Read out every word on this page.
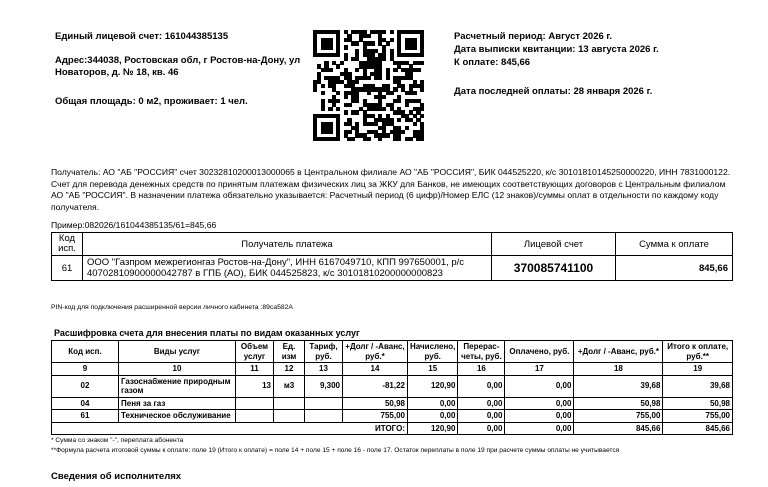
Единый лицевой счет: 161044385135
Адрес:344038, Ростовская обл, г Ростов-на-Дону, ул
Новаторов, д. № 18, кв. 46
Общая площадь: 0 м2, проживает: 1 чел.
Расчетный период: Август 2026 г.
Дата выписки квитанции: 13 августа 2026 г.
К оплате: 845,66
Дата последней оплаты: 28 января 2026 г.
Получатель: АО "АБ "РОССИЯ" счет 30232810200013000065 в Центральном филиале АО "АБ "РОССИЯ", БИК 044525220, к/с 30101810145250000220, ИНН 7831000122. Счет для перевода денежных средств по принятым платежам физических лиц за ЖКУ для Банков, не имеющих соответствующих договоров с Центральным филиалом АО "АБ "РОССИЯ". В назначении платежа обязательно указывается: Расчетный период (6 цифр)/Номер ЕЛС (12 знаков)/суммы оплат в отдельности по каждому коду получателя.
Пример:082026/161044385135/61=845,66
Код исп.	Получатель платежа	Лицевой счет	Сумма к оплате
61	ООО "Газпром межрегионгаз Ростов-на-Дону", ИНН 6167049710, КПП 997650001, р/с 40702810900000042787 в ГПБ (АО), БИК 044525823, к/с 30101810200000000823	370085741100	845,66
PIN-код для подключения расширенной версии личного кабинета :89ca582A
Расшифровка счета для внесения платы по видам оказанных услуг
Код исп.	Виды услуг	Объем услуг	Ед. изм	Тариф, руб.	+Долг / -Аванс, руб.*	Начислено, руб.	Перерас-четы, руб.	Оплачено, руб.	+Долг / -Аванс, руб.*	Итого к оплате, руб.**
9	10	11	12	13	14	15	16	17	18	19
02	Газоснабжение природным газом	13	м3	9,300	-81,22	120,90	0,00	0,00	39,68	39,68
04	Пеня за газ				50,98	0,00	0,00	0,00	50,98	50,98
61	Техническое обслуживание				755,00	0,00	0,00	0,00	755,00	755,00
ИТОГО:						120,90	0,00	0,00	845,66	845,66
* Сумма со знаком "-", переплата абонента
**Формула расчета итоговой суммы к оплате: поле 19 (Итого к оплате) = поле 14 + поле 15 + поле 16 - поле 17. Остаток переплаты в поле 19 при расчете суммы оплаты не учитывается
Сведения об исполнителях
